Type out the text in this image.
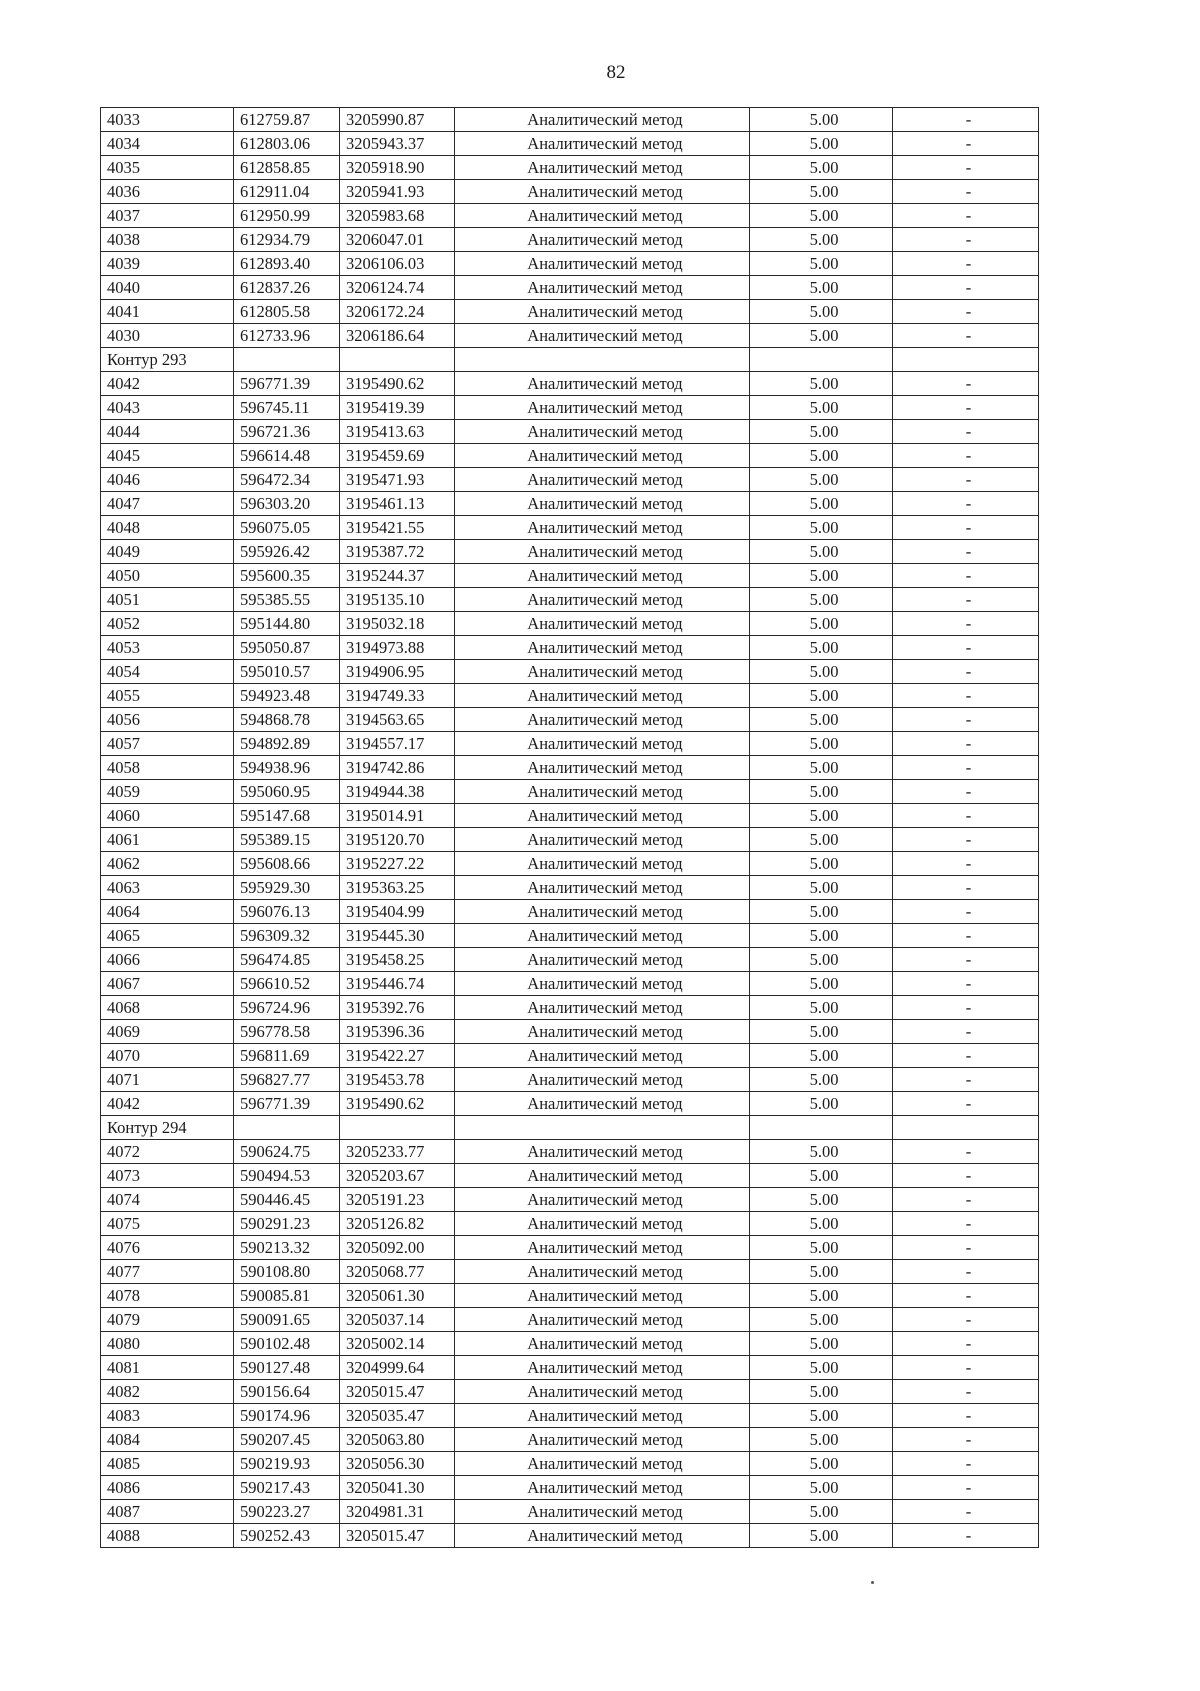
82
4033	612759.87	3205990.87	Аналитический метод	5.00	-
4034	612803.06	3205943.37	Аналитический метод	5.00	-
4035	612858.85	3205918.90	Аналитический метод	5.00	-
4036	612911.04	3205941.93	Аналитический метод	5.00	-
4037	612950.99	3205983.68	Аналитический метод	5.00	-
4038	612934.79	3206047.01	Аналитический метод	5.00	-
4039	612893.40	3206106.03	Аналитический метод	5.00	-
4040	612837.26	3206124.74	Аналитический метод	5.00	-
4041	612805.58	3206172.24	Аналитический метод	5.00	-
4030	612733.96	3206186.64	Аналитический метод	5.00	-
Контур 293					
4042	596771.39	3195490.62	Аналитический метод	5.00	-
4043	596745.11	3195419.39	Аналитический метод	5.00	-
4044	596721.36	3195413.63	Аналитический метод	5.00	-
4045	596614.48	3195459.69	Аналитический метод	5.00	-
4046	596472.34	3195471.93	Аналитический метод	5.00	-
4047	596303.20	3195461.13	Аналитический метод	5.00	-
4048	596075.05	3195421.55	Аналитический метод	5.00	-
4049	595926.42	3195387.72	Аналитический метод	5.00	-
4050	595600.35	3195244.37	Аналитический метод	5.00	-
4051	595385.55	3195135.10	Аналитический метод	5.00	-
4052	595144.80	3195032.18	Аналитический метод	5.00	-
4053	595050.87	3194973.88	Аналитический метод	5.00	-
4054	595010.57	3194906.95	Аналитический метод	5.00	-
4055	594923.48	3194749.33	Аналитический метод	5.00	-
4056	594868.78	3194563.65	Аналитический метод	5.00	-
4057	594892.89	3194557.17	Аналитический метод	5.00	-
4058	594938.96	3194742.86	Аналитический метод	5.00	-
4059	595060.95	3194944.38	Аналитический метод	5.00	-
4060	595147.68	3195014.91	Аналитический метод	5.00	-
4061	595389.15	3195120.70	Аналитический метод	5.00	-
4062	595608.66	3195227.22	Аналитический метод	5.00	-
4063	595929.30	3195363.25	Аналитический метод	5.00	-
4064	596076.13	3195404.99	Аналитический метод	5.00	-
4065	596309.32	3195445.30	Аналитический метод	5.00	-
4066	596474.85	3195458.25	Аналитический метод	5.00	-
4067	596610.52	3195446.74	Аналитический метод	5.00	-
4068	596724.96	3195392.76	Аналитический метод	5.00	-
4069	596778.58	3195396.36	Аналитический метод	5.00	-
4070	596811.69	3195422.27	Аналитический метод	5.00	-
4071	596827.77	3195453.78	Аналитический метод	5.00	-
4042	596771.39	3195490.62	Аналитический метод	5.00	-
Контур 294					
4072	590624.75	3205233.77	Аналитический метод	5.00	-
4073	590494.53	3205203.67	Аналитический метод	5.00	-
4074	590446.45	3205191.23	Аналитический метод	5.00	-
4075	590291.23	3205126.82	Аналитический метод	5.00	-
4076	590213.32	3205092.00	Аналитический метод	5.00	-
4077	590108.80	3205068.77	Аналитический метод	5.00	-
4078	590085.81	3205061.30	Аналитический метод	5.00	-
4079	590091.65	3205037.14	Аналитический метод	5.00	-
4080	590102.48	3205002.14	Аналитический метод	5.00	-
4081	590127.48	3204999.64	Аналитический метод	5.00	-
4082	590156.64	3205015.47	Аналитический метод	5.00	-
4083	590174.96	3205035.47	Аналитический метод	5.00	-
4084	590207.45	3205063.80	Аналитический метод	5.00	-
4085	590219.93	3205056.30	Аналитический метод	5.00	-
4086	590217.43	3205041.30	Аналитический метод	5.00	-
4087	590223.27	3204981.31	Аналитический метод	5.00	-
4088	590252.43	3205015.47	Аналитический метод	5.00	-
